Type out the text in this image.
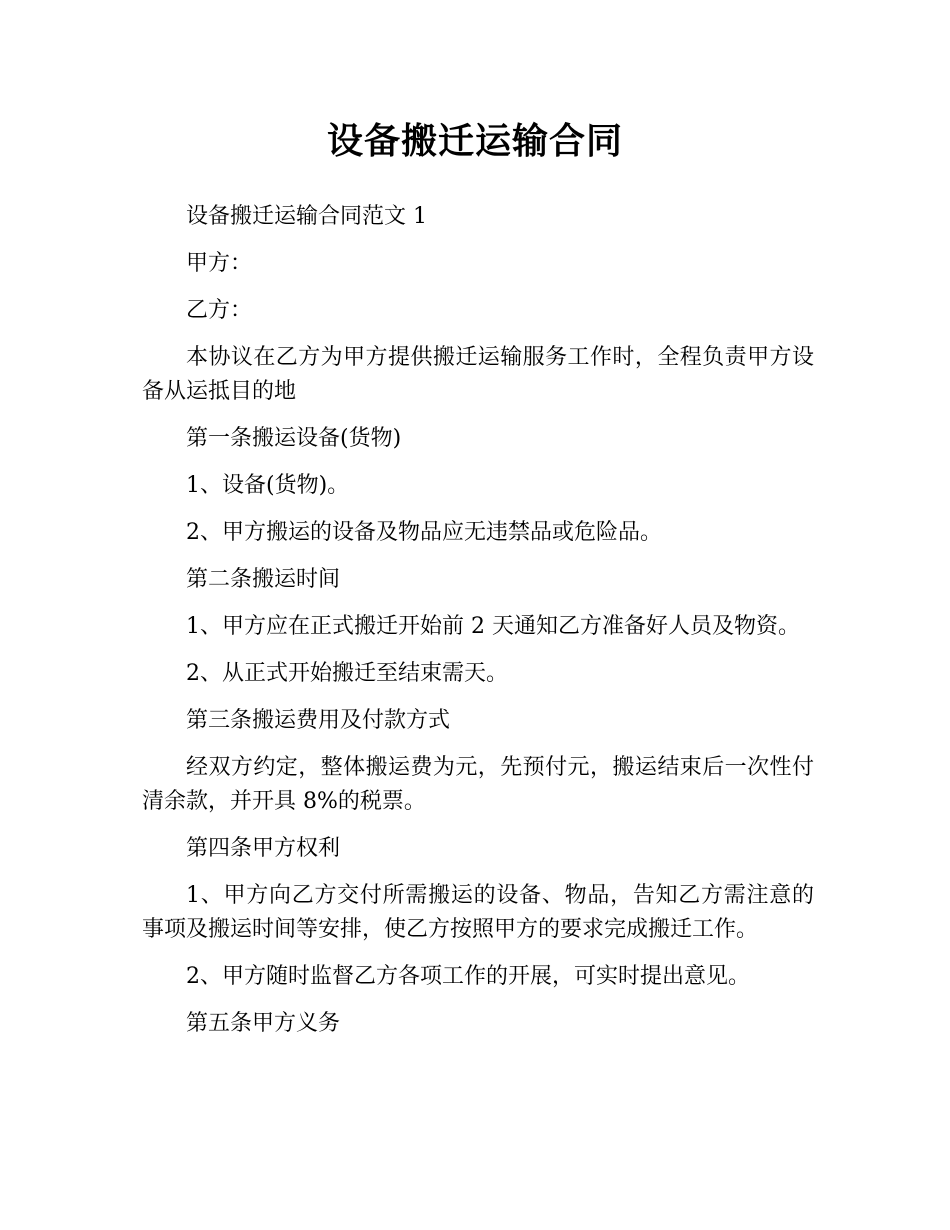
设备搬迁运输合同

设备搬迁运输合同范文 1

甲方：

乙方：

本协议在乙方为甲方提供搬迁运输服务工作时，全程负责甲方设备从运抵目的地

第一条搬运设备(货物)

1、设备(货物)。

2、甲方搬运的设备及物品应无违禁品或危险品。

第二条搬运时间

1、甲方应在正式搬迁开始前 2 天通知乙方准备好人员及物资。

2、从正式开始搬迁至结束需天。

第三条搬运费用及付款方式

经双方约定，整体搬运费为元，先预付元，搬运结束后一次性付清余款，并开具 8%的税票。

第四条甲方权利

1、甲方向乙方交付所需搬运的设备、物品，告知乙方需注意的事项及搬运时间等安排，使乙方按照甲方的要求完成搬迁工作。

2、甲方随时监督乙方各项工作的开展，可实时提出意见。

第五条甲方义务
